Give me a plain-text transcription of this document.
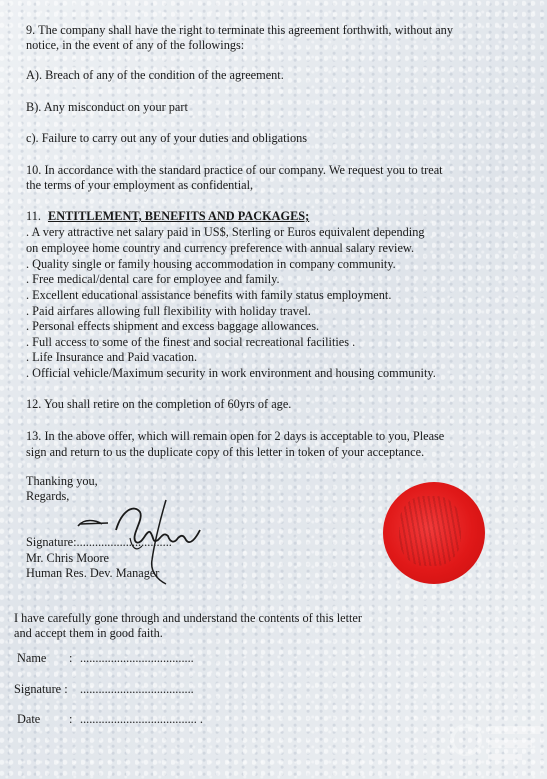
9. The company shall have the right to terminate this agreement forthwith, without any
notice, in the event of any of the followings:
A). Breach of any of the condition of the agreement.
B). Any misconduct on your part
c). Failure to carry out any of your duties and obligations
10. In accordance with the standard practice of our company. We request you to treat
the terms of your employment as confidential,
11. ENTITLEMENT, BENEFITS AND PACKAGES;
. A very attractive net salary paid in US$, Sterling or Euros equivalent depending
on employee home country and currency preference with annual salary review.
. Quality single or family housing accommodation in company community.
. Free medical/dental care for employee and family.
. Excellent educational assistance benefits with family status employment.
. Paid airfares allowing full flexibility with holiday travel.
. Personal effects shipment and excess baggage allowances.
. Full access to some of the finest and social recreational facilities .
. Life Insurance and Paid vacation.
. Official vehicle/Maximum security in work environment and housing community.
12. You shall retire on the completion of 60yrs of age.
13. In the above offer, which will remain open for 2 days is acceptable to you, Please
sign and return to us the duplicate copy of this letter in token of your acceptance.
Thanking you,
Regards,
Signature:...............................
Mr. Chris Moore
Human Res. Dev. Manager
I have carefully gone through and understand the contents of this letter
and accept them in good faith.
Name : .....................................
Signature : .....................................
Date : ...................................... .
